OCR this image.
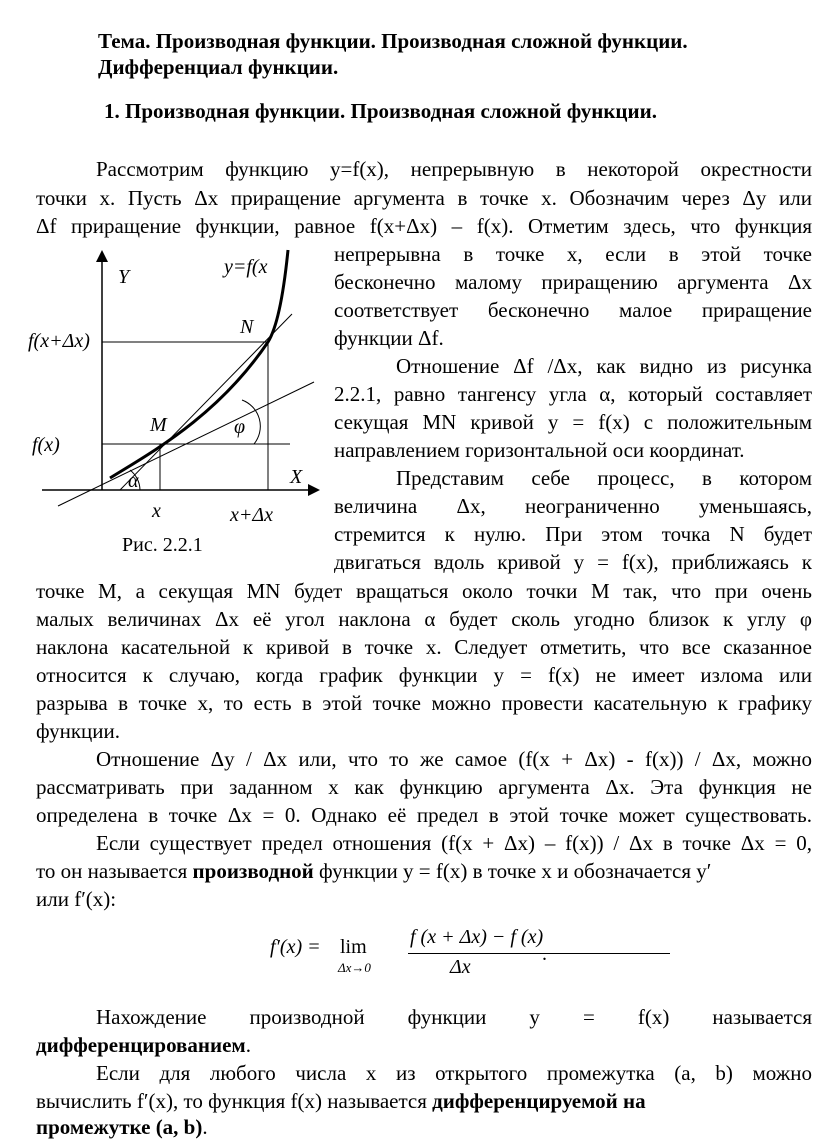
Тема. Производная функции. Производная сложной функции.
Дифференциал функции.
1. Производная функции. Производная сложной функции.
Рассмотрим функцию y=f(x), непрерывную в некоторой окрестности
точки x. Пусть Δx приращение аргумента в точке x. Обозначим через Δy или
Δf приращение функции, равное f(x+Δx) – f(x). Отметим здесь, что функция
непрерывна в точке x, если в этой точке
бесконечно малому приращению аргумента Δx
соответствует бесконечно малое приращение
функции Δf.
Отношение Δf /Δx, как видно из рисунка
2.2.1, равно тангенсу угла α, который составляет
секущая MN кривой y = f(x) с положительным
направлением горизонтальной оси координат.
Представим себе процесс, в котором
величина Δx, неограниченно уменьшаясь,
стремится к нулю. При этом точка N будет
двигаться вдоль кривой y = f(x), приближаясь к
точке M, а секущая MN будет вращаться около точки M так, что при очень
малых величинах Δx её угол наклона α будет сколь угодно близок к углу φ
наклона касательной к кривой в точке x. Следует отметить, что все сказанное
относится к случаю, когда график функции y = f(x) не имеет излома или
разрыва в точке x, то есть в этой точке можно провести касательную к графику
функции.
Отношение Δy / Δx или, что то же самое (f(x + Δx) - f(x)) / Δx, можно
рассматривать при заданном x как функцию аргумента Δx. Эта функция не
определена в точке Δx = 0. Однако её предел в этой точке может существовать.
Если существует предел отношения (f(x + Δx) – f(x)) / Δx в точке Δx = 0,
то он называется производной функции y = f(x) в точке x и обозначается y′
или f′(x):
f′(x) = lim
Δx→0
f (x + Δx) − f (x)
Δx
.
Нахождение производной функции y = f(x) называется
дифференцированием.
Если для любого числа x из открытого промежутка (a, b) можно
вычислить f′(x), то функция f(x) называется дифференцируемой на
промежутке (a, b).
Y
X
y=f(x
N
M
f(x+Δx)
f(x)
x	x+Δx
φ
α
Рис. 2.2.1
